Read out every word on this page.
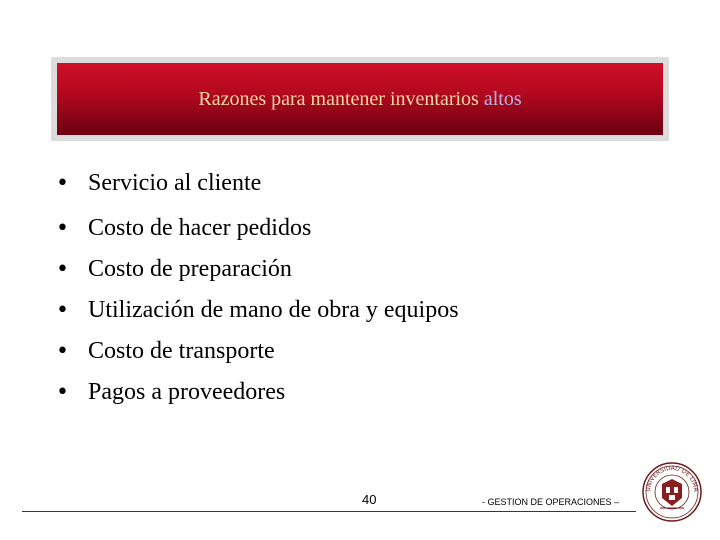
Razones para mantener inventarios altos
• Servicio al cliente
• Costo de hacer pedidos
• Costo de preparación
• Utilización de mano de obra y equipos
• Costo de transporte
• Pagos a proveedores
40	- GESTION DE OPERACIONES –
UNIVERSIDAD DE LIMA
